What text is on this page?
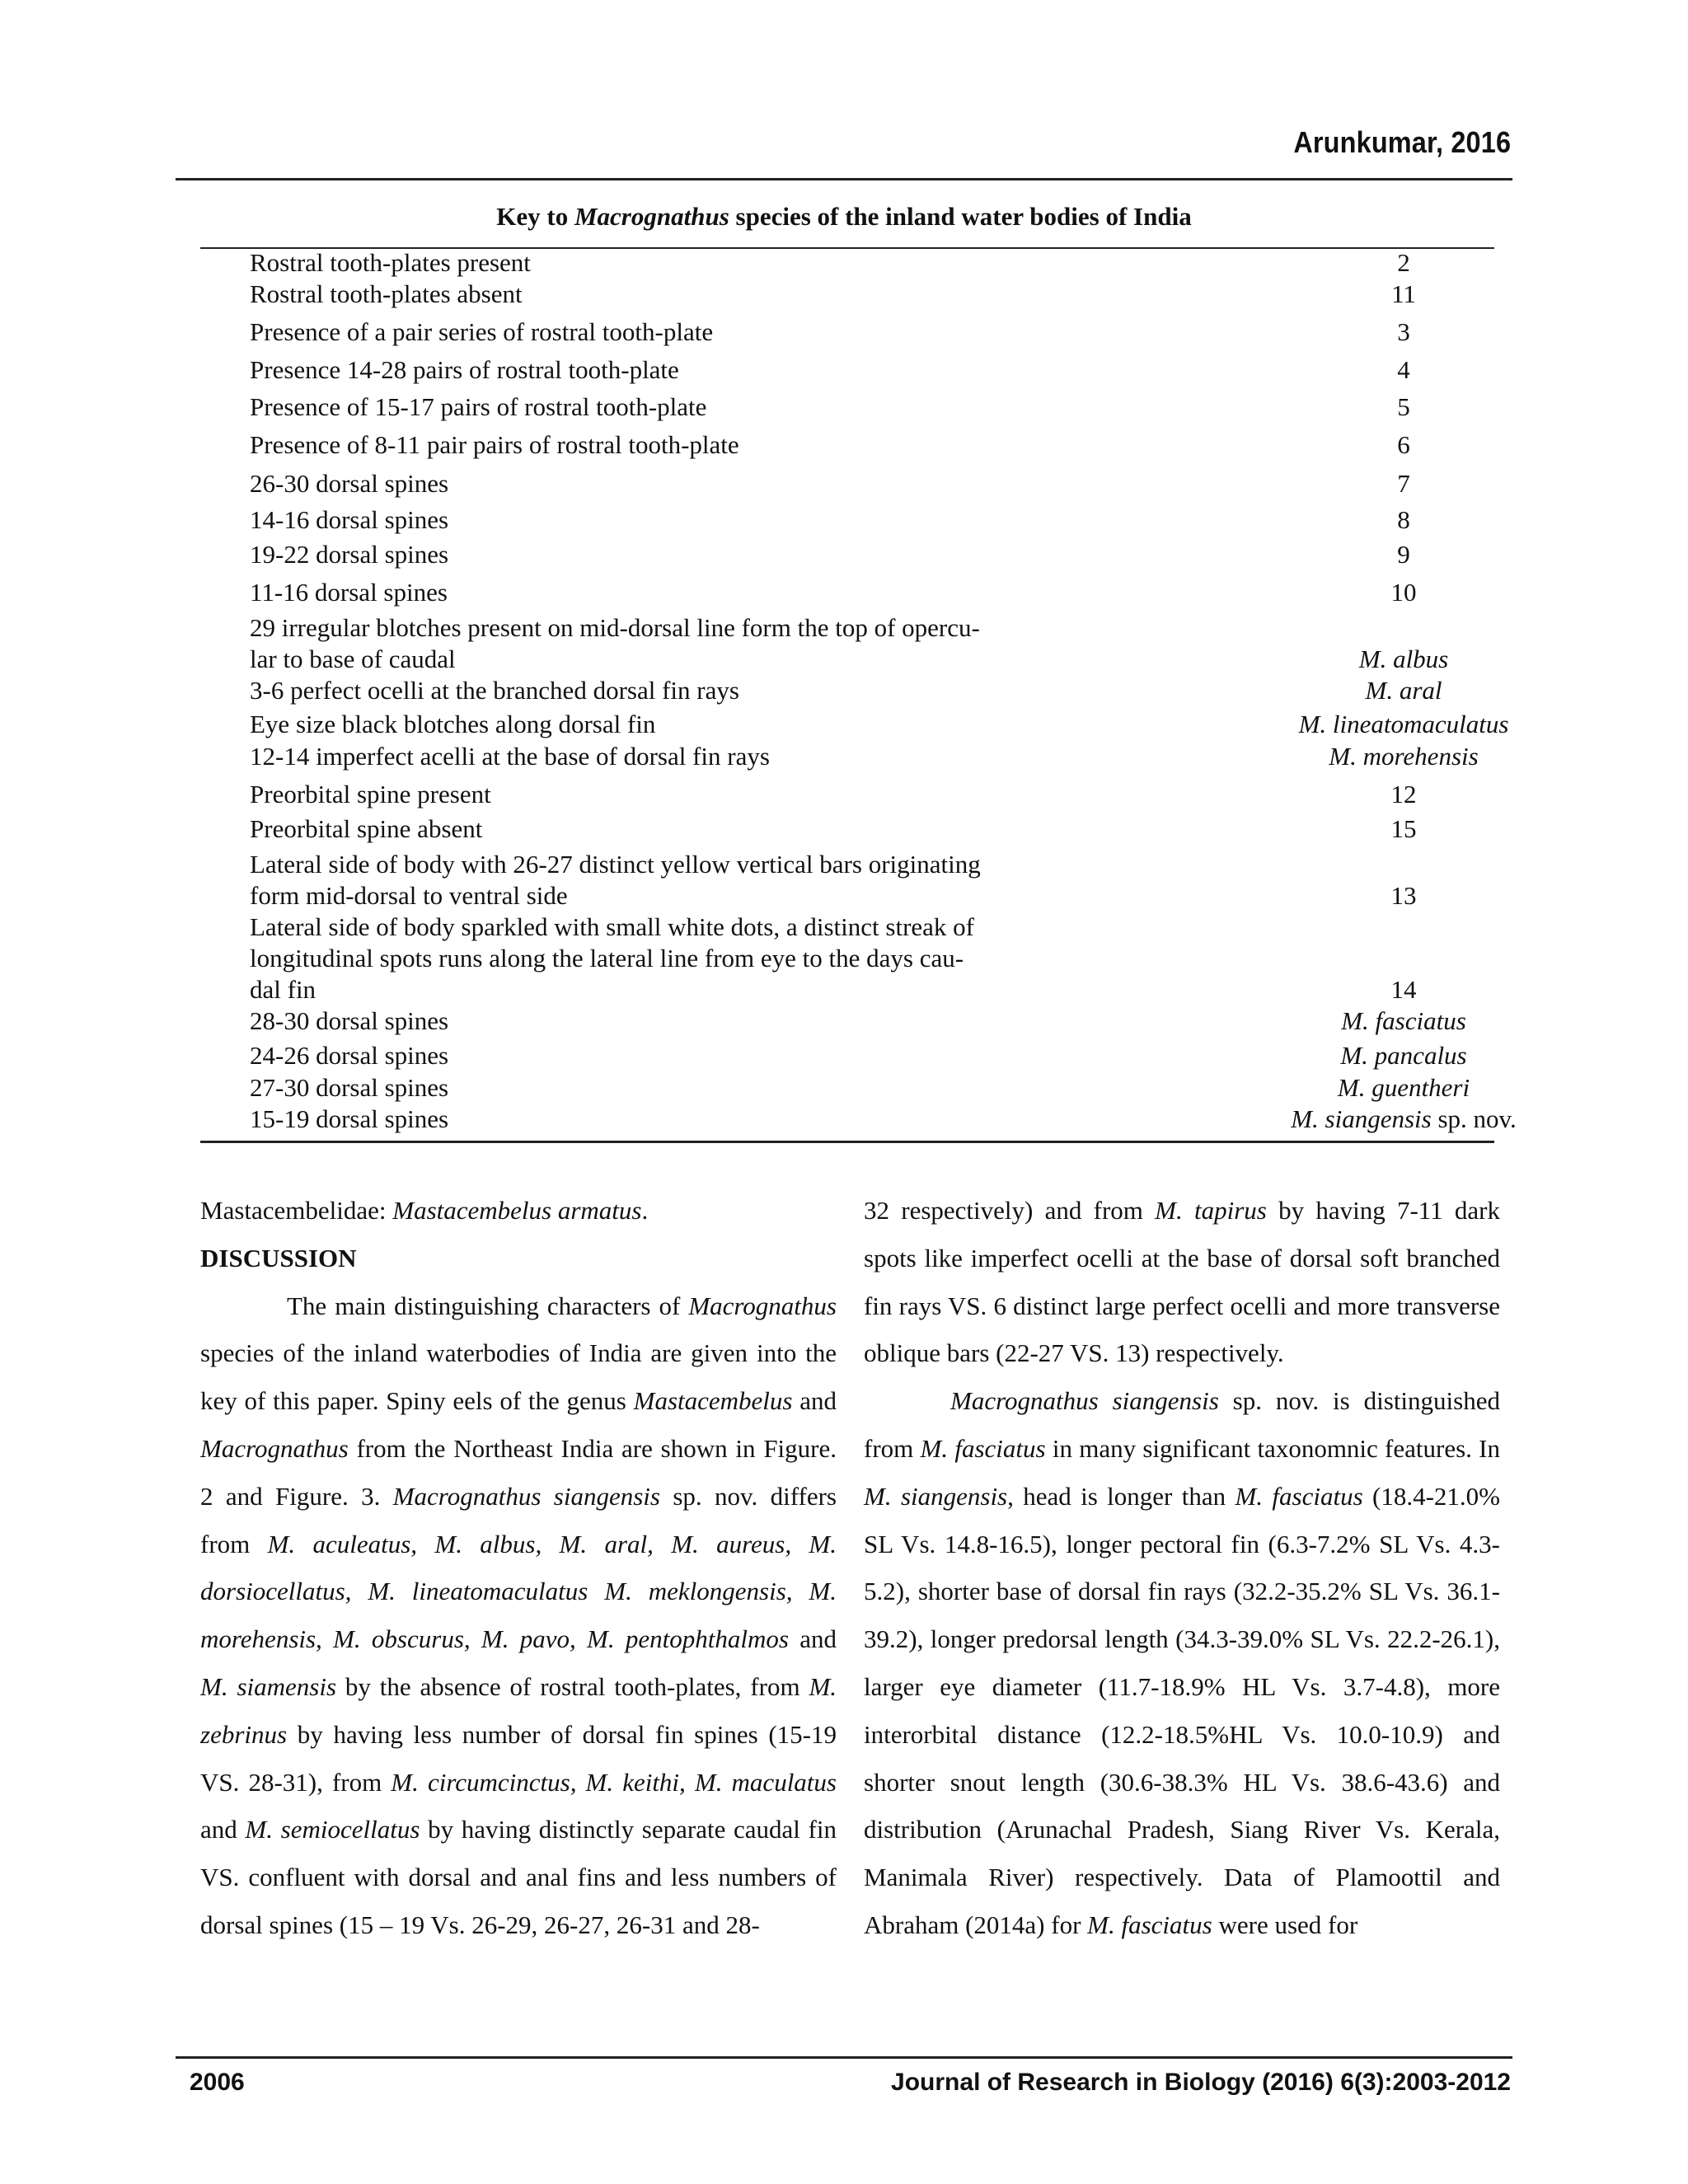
Arunkumar, 2016
Key to Macrognathus species of the inland water bodies of India
Rostral tooth-plates present	2
Rostral tooth-plates absent	11
Presence of a pair series of rostral tooth-plate	3
Presence 14-28 pairs of rostral tooth-plate	4
Presence of 15-17 pairs of rostral tooth-plate	5
Presence of 8-11 pair pairs of rostral tooth-plate	6
26-30 dorsal spines	7
14-16 dorsal spines	8
19-22 dorsal spines	9
11-16 dorsal spines	10
29 irregular blotches present on mid-dorsal line form the top of opercu-
lar to base of caudal	M. albus
3-6 perfect ocelli at the branched dorsal fin rays	M. aral
Eye size black blotches along dorsal fin	M. lineatomaculatus
12-14 imperfect acelli at the base of dorsal fin rays	M. morehensis
Preorbital spine present	12
Preorbital spine absent	15
Lateral side of body with 26-27 distinct yellow vertical bars originating
form mid-dorsal to ventral side	13
Lateral side of body sparkled with small white dots, a distinct streak of
longitudinal spots runs along the lateral line from eye to the days cau-
dal fin	14
28-30 dorsal spines	M. fasciatus
24-26 dorsal spines	M. pancalus
27-30 dorsal spines	M. guentheri
15-19 dorsal spines	M. siangensis sp. nov.

Mastacembelidae: Mastacembelus armatus.

DISCUSSION

The main distinguishing characters of Macrognathus species of the inland waterbodies of India are given into the key of this paper. Spiny eels of the genus Mastacembelus and Macrognathus from the Northeast India are shown in Figure. 2 and Figure. 3. Macrognathus siangensis sp. nov. differs from M. aculeatus, M. albus, M. aral, M. aureus, M. dorsiocellatus, M. lineatomaculatus M. meklongensis, M. morehensis, M. obscurus, M. pavo, M. pentophthalmos and M. siamensis by the absence of rostral tooth-plates, from M. zebrinus by having less number of dorsal fin spines (15-19 VS. 28-31), from M. circumcinctus, M. keithi, M. maculatus and M. semiocellatus by having distinctly separate caudal fin VS. confluent with dorsal and anal fins and less numbers of dorsal spines (15 – 19 Vs. 26-29, 26-27, 26-31 and 28-

32 respectively) and from M. tapirus by having 7-11 dark spots like imperfect ocelli at the base of dorsal soft branched fin rays VS. 6 distinct large perfect ocelli and more transverse oblique bars (22-27 VS. 13) respectively.

Macrognathus siangensis sp. nov. is distinguished from M. fasciatus in many significant taxonomnic features. In M. siangensis, head is longer than M. fasciatus (18.4-21.0% SL Vs. 14.8-16.5), longer pectoral fin (6.3-7.2% SL Vs. 4.3-5.2), shorter base of dorsal fin rays (32.2-35.2% SL Vs. 36.1-39.2), longer predorsal length (34.3-39.0% SL Vs. 22.2-26.1), larger eye diameter (11.7-18.9% HL Vs. 3.7-4.8), more interorbital distance (12.2-18.5%HL Vs. 10.0-10.9) and shorter snout length (30.6-38.3% HL Vs. 38.6-43.6) and distribution (Arunachal Pradesh, Siang River Vs. Kerala, Manimala River) respectively. Data of Plamoottil and Abraham (2014a) for M. fasciatus were used for

2006	Journal of Research in Biology (2016) 6(3):2003-2012
